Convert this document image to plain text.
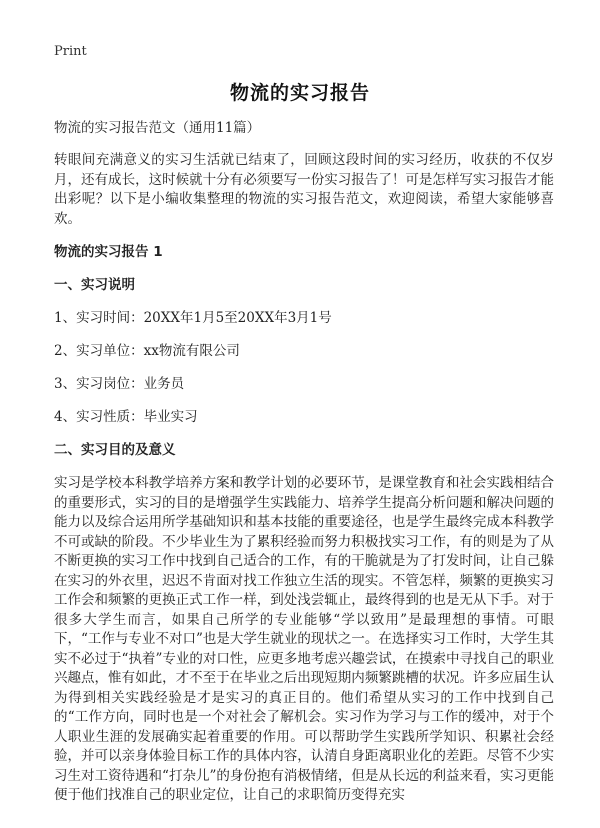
Print
物流的实习报告

物流的实习报告范文（通用11篇）

转眼间充满意义的实习生活就已结束了，回顾这段时间的实习经历，收获的不仅岁月，还有成长，这时候就十分有必须要写一份实习报告了！可是怎样写实习报告才能出彩呢？以下是小编收集整理的物流的实习报告范文，欢迎阅读，希望大家能够喜欢。

物流的实习报告 1

一、实习说明

1、实习时间：20XX年1月5至20XX年3月1号

2、实习单位：xx物流有限公司

3、实习岗位：业务员

4、实习性质：毕业实习

二、实习目的及意义

实习是学校本科教学培养方案和教学计划的必要环节，是课堂教育和社会实践相结合的重要形式，实习的目的是增强学生实践能力、培养学生提高分析问题和解决问题的能力以及综合运用所学基础知识和基本技能的重要途径，也是学生最终完成本科教学不可或缺的阶段。不少毕业生为了累积经验而努力积极找实习工作，有的则是为了从不断更换的实习工作中找到自己适合的工作，有的干脆就是为了打发时间，让自己躲在实习的外衣里，迟迟不肯面对找工作独立生活的现实。不管怎样，频繁的更换实习工作会和频繁的更换正式工作一样，到处浅尝辄止，最终得到的也是无从下手。对于很多大学生而言，如果自己所学的专业能够“学以致用”是最理想的事情。可眼下，“工作与专业不对口”也是大学生就业的现状之一。在选择实习工作时，大学生其实不必过于“执着”专业的对口性，应更多地考虑兴趣尝试，在摸索中寻找自己的职业兴趣点，惟有如此，才不至于在毕业之后出现短期内频繁跳槽的状况。许多应届生认为得到相关实践经验是才是实习的真正目的。他们希望从实习的工作中找到自己的“工作方向，同时也是一个对社会了解机会。实习作为学习与工作的缓冲，对于个人职业生涯的发展确实起着重要的作用。可以帮助学生实践所学知识、积累社会经验，并可以亲身体验目标工作的具体内容，认清自身距离职业化的差距。尽管不少实习生对工资待遇和“打杂儿”的身份抱有消极情绪，但是从长远的利益来看，实习更能便于他们找准自己的职业定位，让自己的求职简历变得充实
